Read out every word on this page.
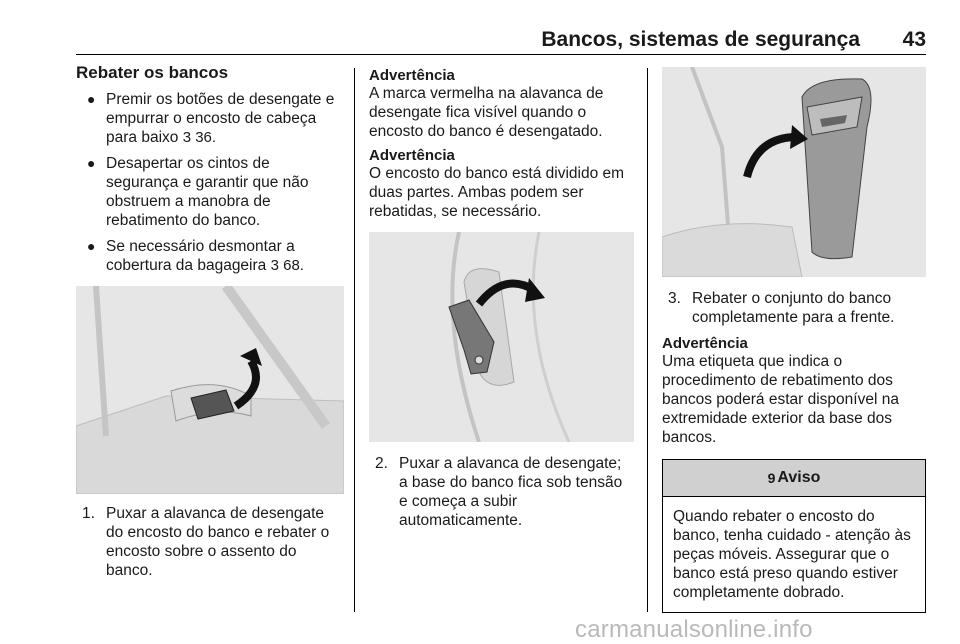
Bancos, sistemas de segurança 43
Rebater os bancos
● Premir os botões de desengate e empurrar o encosto de cabeça para baixo 3 36.
● Desapertar os cintos de segurança e garantir que não obstruem a manobra de rebatimento do banco.
● Se necessário desmontar a cobertura da bagageira 3 68.
1. Puxar a alavanca de desengate do encosto do banco e rebater o encosto sobre o assento do banco.
Advertência
A marca vermelha na alavanca de desengate fica visível quando o encosto do banco é desengatado.
Advertência
O encosto do banco está dividido em duas partes. Ambas podem ser rebatidas, se necessário.
2. Puxar a alavanca de desengate; a base do banco fica sob tensão e começa a subir automaticamente.
3. Rebater o conjunto do banco completamente para a frente.
Advertência
Uma etiqueta que indica o procedimento de rebatimento dos bancos poderá estar disponível na extremidade exterior da base dos bancos.
9 Aviso
Quando rebater o encosto do banco, tenha cuidado - atenção às peças móveis. Assegurar que o banco está preso quando estiver completamente dobrado.
carmanualsonline.info
